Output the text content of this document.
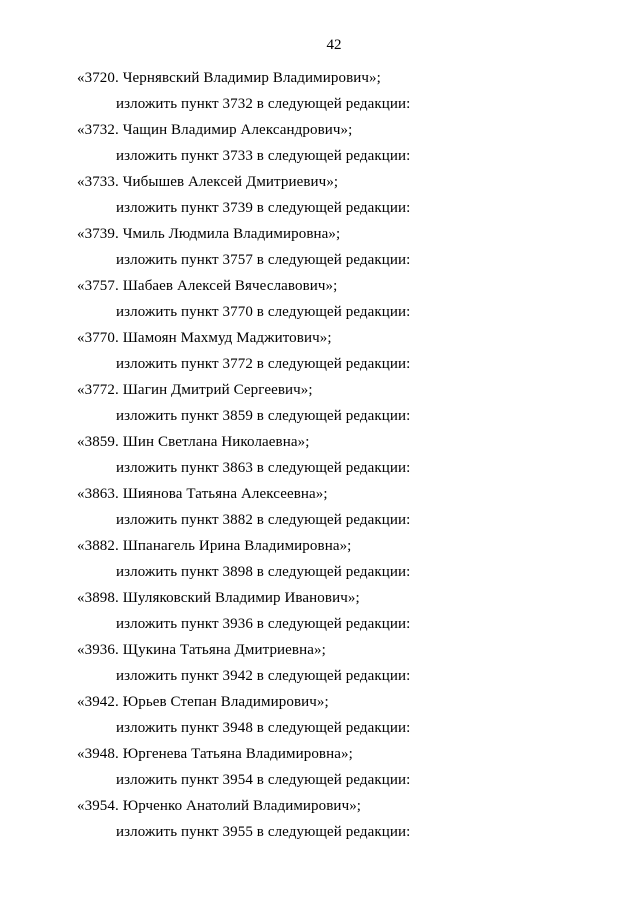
42
«3720. Чернявский Владимир Владимирович»;
изложить пункт 3732 в следующей редакции:
«3732. Чащин Владимир Александрович»;
изложить пункт 3733 в следующей редакции:
«3733. Чибышев Алексей Дмитриевич»;
изложить пункт 3739 в следующей редакции:
«3739. Чмиль Людмила Владимировна»;
изложить пункт 3757 в следующей редакции:
«3757. Шабаев Алексей Вячеславович»;
изложить пункт 3770 в следующей редакции:
«3770. Шамоян Махмуд Маджитович»;
изложить пункт 3772 в следующей редакции:
«3772. Шагин Дмитрий Сергеевич»;
изложить пункт 3859 в следующей редакции:
«3859. Шин Светлана Николаевна»;
изложить пункт 3863 в следующей редакции:
«3863. Шиянова Татьяна Алексеевна»;
изложить пункт 3882 в следующей редакции:
«3882. Шпанагель Ирина Владимировна»;
изложить пункт 3898 в следующей редакции:
«3898. Шуляковский Владимир Иванович»;
изложить пункт 3936 в следующей редакции:
«3936. Щукина Татьяна Дмитриевна»;
изложить пункт 3942 в следующей редакции:
«3942. Юрьев Степан Владимирович»;
изложить пункт 3948 в следующей редакции:
«3948. Юргенева Татьяна Владимировна»;
изложить пункт 3954 в следующей редакции:
«3954. Юрченко Анатолий Владимирович»;
изложить пункт 3955 в следующей редакции:
